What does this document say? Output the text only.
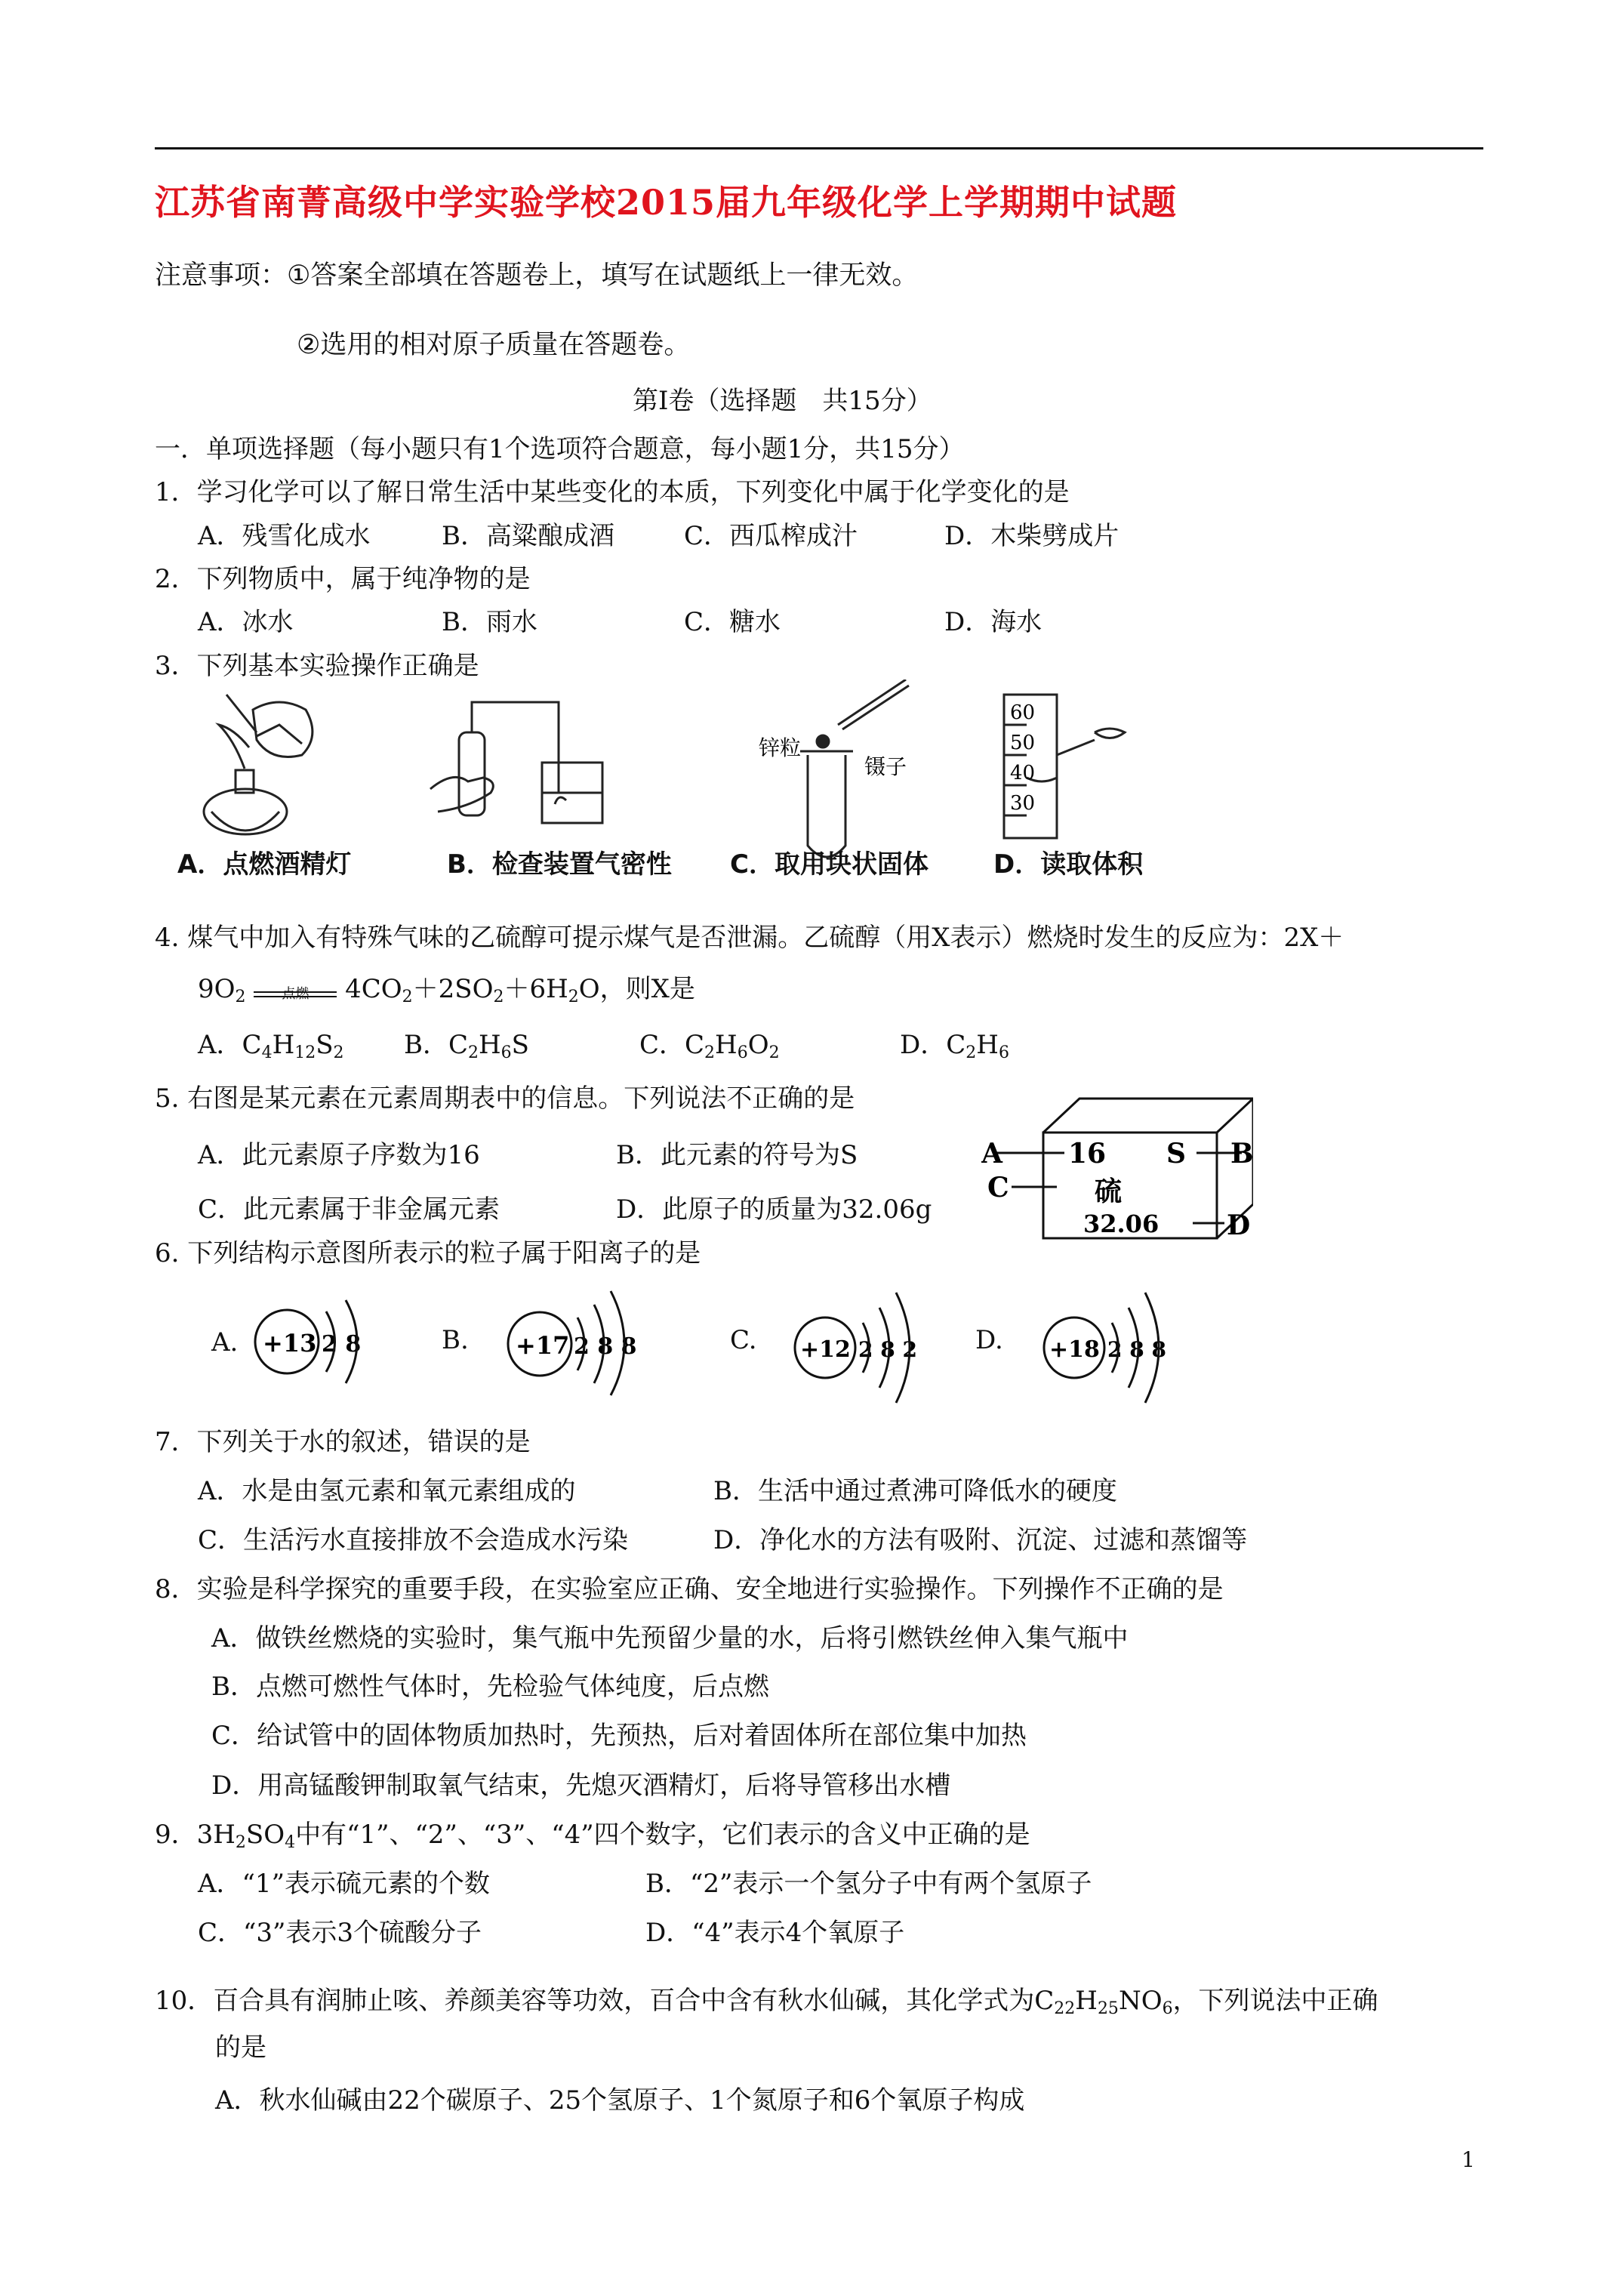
江苏省南菁高级中学实验学校2015届九年级化学上学期期中试题
注意事项：①答案全部填在答题卷上，填写在试题纸上一律无效。
②选用的相对原子质量在答题卷。
第Ⅰ卷（选择题　共15分）
一．单项选择题（每小题只有1个选项符合题意，每小题1分，共15分）
1．学习化学可以了解日常生活中某些变化的本质，下列变化中属于化学变化的是
A．残雪化成水	B．高粱酿成酒	C．西瓜榨成汁	D．木柴劈成片
2．下列物质中，属于纯净物的是
A．冰水	B．雨水	C．糖水	D．海水
3．下列基本实验操作正确是
锌粒
镊子
60
50
40
30
A．点燃酒精灯	B．检查装置气密性 C．取用块状固体	D．读取体积
4. 煤气中加入有特殊气味的乙硫醇可提示煤气是否泄漏。乙硫醇（用X表示）燃烧时发生的反应为：2X＋
$9O_2$	点燃	$4CO_2+2SO_2+6H_2O$，则X是
A．$C_4H_{12}S_2$ B．$C_2H_6S$	C．$C_2H_6O_2$	D．$C_2H_6$
5. 右图是某元素在元素周期表中的信息。下列说法不正确的是
A．此元素原子序数为16	B．此元素的符号为S
C．此元素属于非金属元素	D．此原子的质量为32.06g
16 S
硫
32.06
A	B
C
D
6. 下列结构示意图所表示的粒子属于阳离子的是
A. +13 2 8	B. +17 2 8 8	C. +12 2 8 2 D. +18 2 8 8
7．下列关于水的叙述，错误的是
A．水是由氢元素和氧元素组成的	B．生活中通过煮沸可降低水的硬度
C．生活污水直接排放不会造成水污染	D．净化水的方法有吸附、沉淀、过滤和蒸馏等
8．实验是科学探究的重要手段，在实验室应正确、安全地进行实验操作。下列操作不正确的是
A．做铁丝燃烧的实验时，集气瓶中先预留少量的水，后将引燃铁丝伸入集气瓶中
B．点燃可燃性气体时，先检验气体纯度，后点燃
C．给试管中的固体物质加热时，先预热，后对着固体所在部位集中加热
D．用高锰酸钾制取氧气结束，先熄灭酒精灯，后将导管移出水槽
9．$3H_2SO_4$中有“1”、“2”、“3”、“4”四个数字，它们表示的含义中正确的是
A．“1”表示硫元素的个数	B．“2”表示一个氢分子中有两个氢原子
C．“3”表示3个硫酸分子	D．“4”表示4个氧原子
10．百合具有润肺止咳、养颜美容等功效，百合中含有秋水仙碱，其化学式为$C_{22}H_{25}NO_6$，下列说法中正确
的是
A．秋水仙碱由22个碳原子、25个氢原子、1个氮原子和6个氧原子构成
1
